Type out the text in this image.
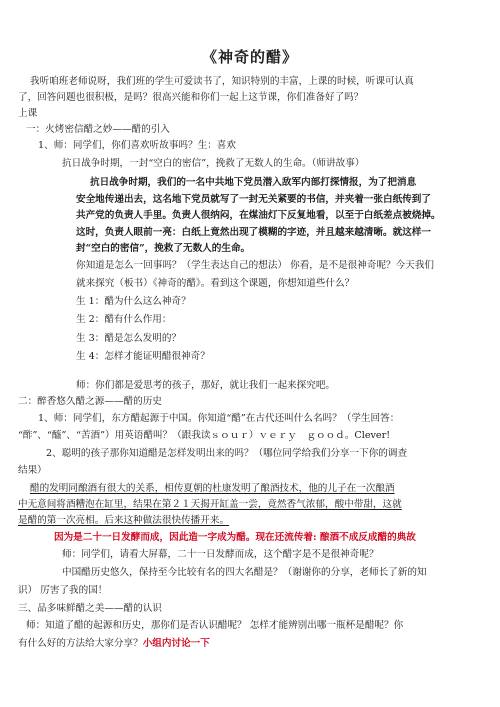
《神奇的醋》
我听咱班老师说呀，我们班的学生可爱读书了，知识特别的丰富，上课的时候，听课可认真
了，回答问题也很积极，是吗？很高兴能和你们一起上这节课，你们准备好了吗？
上课
一：火烤密信醋之妙——醋的引入
1、师：同学们，你们喜欢听故事吗？生：喜欢
抗日战争时期，一封“空白的密信”，挽救了无数人的生命。（师讲故事）
抗日战争时期，我们的一名中共地下党员潜入敌军内部打探情报，为了把消息
安全地传递出去，这名地下党员就写了一封无关紧要的书信，并夹着一张白纸传到了
共产党的负责人手里。负责人很纳闷，在煤油灯下反复地看，以至于白纸差点被烧掉。
这时，负责人眼前一亮：白纸上竟然出现了模糊的字迹，并且越来越清晰。就这样一
封“空白的密信”，挽救了无数人的生命。
你知道是怎么一回事吗？（学生表达自己的想法） 你看，是不是很神奇呢？今天我们
就来探究（板书）《神奇的醋》。看到这个课题，你想知道些什么？
生 1：醋为什么这么神奇？
生 2：醋有什么作用：
生 3：醋是怎么发明的？
生 4：怎样才能证明醋很神奇？
师：你们都是爱思考的孩子，那好，就让我们一起来探究吧。
二：醉香悠久醋之源——醋的历史
1、师：同学们，东方醋起源于中国。你知道“醋”在古代还叫什么名吗？（学生回答：
“酢”、“醯”、“苦酒”）用英语醋叫？（跟我读ｓｏｕｒ）ｖｅｒｙ　ｇｏｏｄ。Clever!
2、聪明的孩子那你知道醋是怎样发明出来的吗？（哪位同学给我们分享一下你的调查
结果）
醋的发明同酿酒有很大的关系，相传夏朝的杜康发明了酿酒技术，他的儿子在一次酿酒
中无意间将酒糟泡在缸里，结果在第２１天揭开缸盖一尝，竟然香气浓郁，酸中带甜，这就
是醋的第一次亮相。后来这种做法很快传播开来。
因为是二十一日发酵而成，因此造一字成为醋。现在还流传着: 酿酒不成反成醋的典故
师：同学们，请看大屏幕，二十一日发酵而成，这个醋字是不是很神奇呢？
中国醋历史悠久，保持至今比较有名的四大名醋是？（谢谢你的分享，老师长了新的知
识） 厉害了我的国！
三、品多味鲜醋之美——醋的认识
师：知道了醋的起源和历史，那你们是否认识醋呢？ 怎样才能辨别出哪一瓶杯是醋呢？你
有什么好的方法给大家分享？小组内讨论一下
